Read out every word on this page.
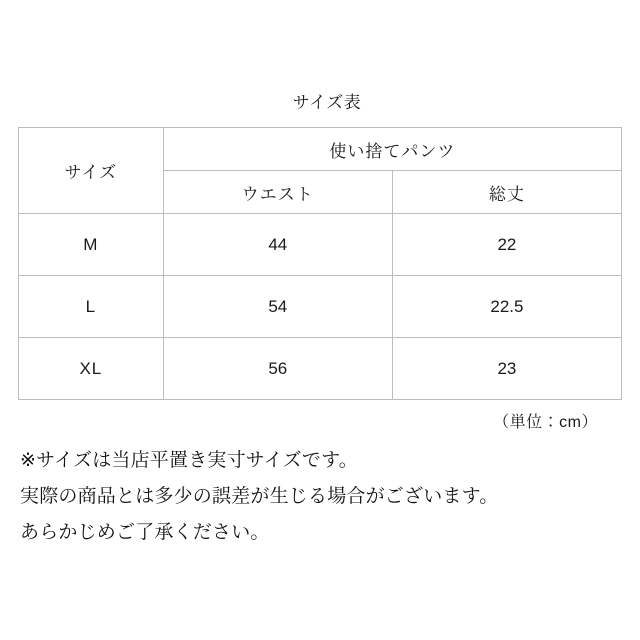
サイズ表
サイズ	使い捨てパンツ	
	ウエスト	総丈
M	44	22
L	54	22.5
XL	56	23
（単位：cm）

※サイズは当店平置き実寸サイズです。

実際の商品とは多少の誤差が生じる場合がございます。

あらかじめご了承ください。
